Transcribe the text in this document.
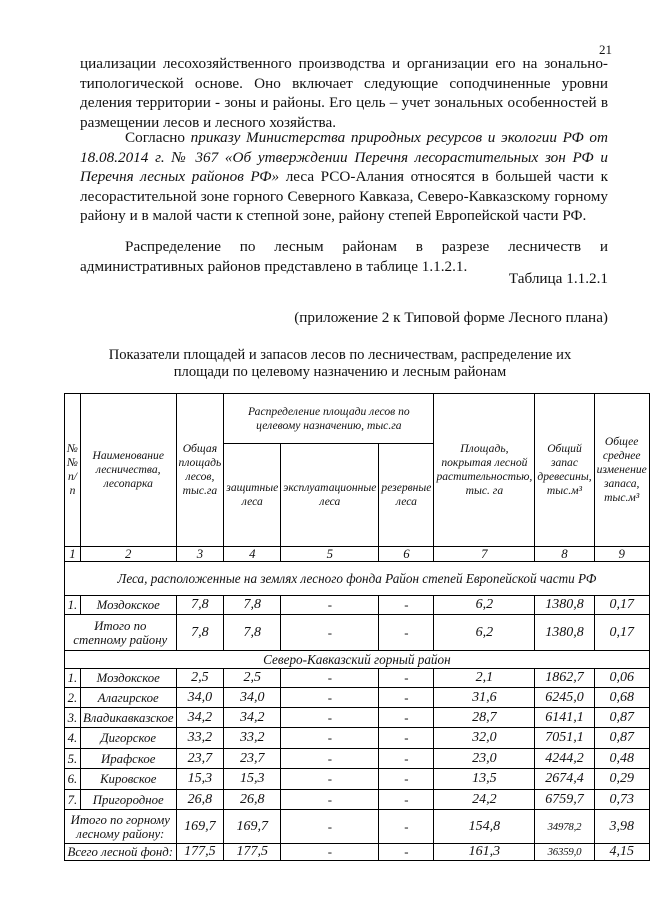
21
циализации лесохозяйственного производства и организации его на зонально-типологической основе. Оно включает следующие соподчиненные уровни деления территории - зоны и районы. Его цель – учет зональных особенностей в размещении лесов и лесного хозяйства.
Согласно приказу Министерства природных ресурсов и экологии РФ от 18.08.2014 г. № 367 «Об утверждении Перечня лесорастительных зон РФ и Перечня лесных районов РФ» леса РСО-Алания относятся в большей части к лесорастительной зоне горного Северного Кавказа, Северо-Кавказскому горному району и в малой части к степной зоне, району степей Европейской части РФ.
Распределение по лесным районам в разрезе лесничеств и административных районов представлено в таблице 1.1.2.1.
Таблица 1.1.2.1
(приложение 2 к Типовой форме Лесного плана)
Показатели площадей и запасов лесов по лесничествам, распределение их площади по целевому назначению и лесным районам
№№ п/п	Наименование лесничества, лесопарка	Общая площадь лесов, тыс.га	Распределение площади лесов по целевому назначению, тыс.га			Площадь, покрытая лесной растительностью, тыс. га	Общий запас древесины, тыс.м³	Общее среднее изменение запаса, тыс.м³
			защитные леса	эксплуатационные леса	резервные леса			
1	2	3	4	5	6	7	8	9
Леса, расположенные на землях лесного фонда Район степей Европейской части РФ								
1.	Моздокское	7,8	7,8	-	-	6,2	1380,8	0,17
Итого по степному району		7,8	7,8	-	-	6,2	1380,8	0,17
Северо-Кавказский горный район								
1.	Моздокское	2,5	2,5	-	-	2,1	1862,7	0,06
2.	Алагирское	34,0	34,0	-	-	31,6	6245,0	0,68
3.	Владикавказское	34,2	34,2	-	-	28,7	6141,1	0,87
4.	Дигорское	33,2	33,2	-	-	32,0	7051,1	0,87
5.	Ирафское	23,7	23,7	-	-	23,0	4244,2	0,48
6.	Кировское	15,3	15,3	-	-	13,5	2674,4	0,29
7.	Пригородное	26,8	26,8	-	-	24,2	6759,7	0,73
Итого по горному лесному району:		169,7	169,7	-	-	154,8	34978,2	3,98
Всего лесной фонд:		177,5	177,5	-	-	161,3	36359,0	4,15
